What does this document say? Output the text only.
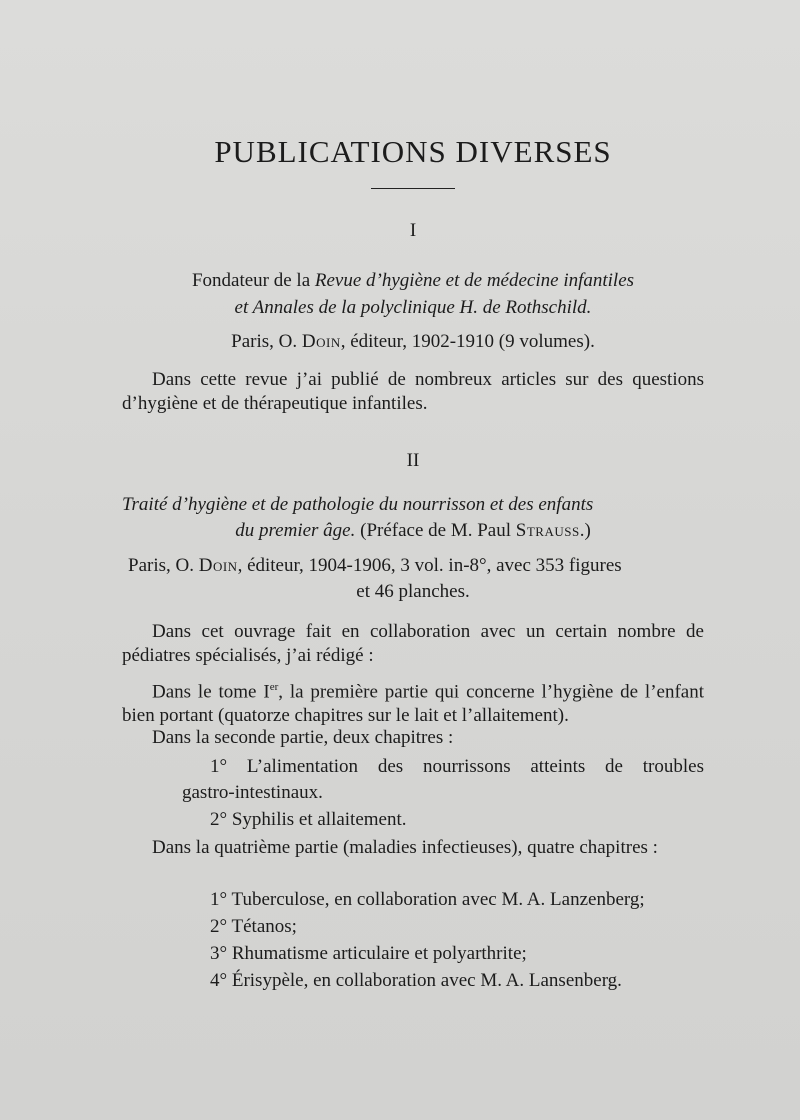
PUBLICATIONS DIVERSES
I

Fondateur de la Revue d’hygiène et de médecine infantiles

et Annales de la polyclinique H. de Rothschild.

Paris, O. Doin, éditeur, 1902-1910 (9 volumes).

Dans cette revue j’ai publié de nombreux articles sur des questions d’hygiène et de thérapeutique infantiles.

II

Traité d’hygiène et de pathologie du nourrisson et des enfants

du premier âge. (Préface de M. Paul Strauss.)

Paris, O. Doin, éditeur, 1904-1906, 3 vol. in-8°, avec 353 figures

et 46 planches.

Dans cet ouvrage fait en collaboration avec un certain nombre de pédiatres spécialisés, j’ai rédigé :

Dans le tome Ier, la première partie qui concerne l’hygiène de l’enfant bien portant (quatorze chapitres sur le lait et l’allaitement).

Dans la seconde partie, deux chapitres :

1° L’alimentation des nourrissons atteints de troubles

gastro-intestinaux.

2° Syphilis et allaitement.

Dans la quatrième partie (maladies infectieuses), quatre chapitres :

1° Tuberculose, en collaboration avec M. A. Lanzenberg;

2° Tétanos;

3° Rhumatisme articulaire et polyarthrite;

4° Érisypèle, en collaboration avec M. A. Lansenberg.
